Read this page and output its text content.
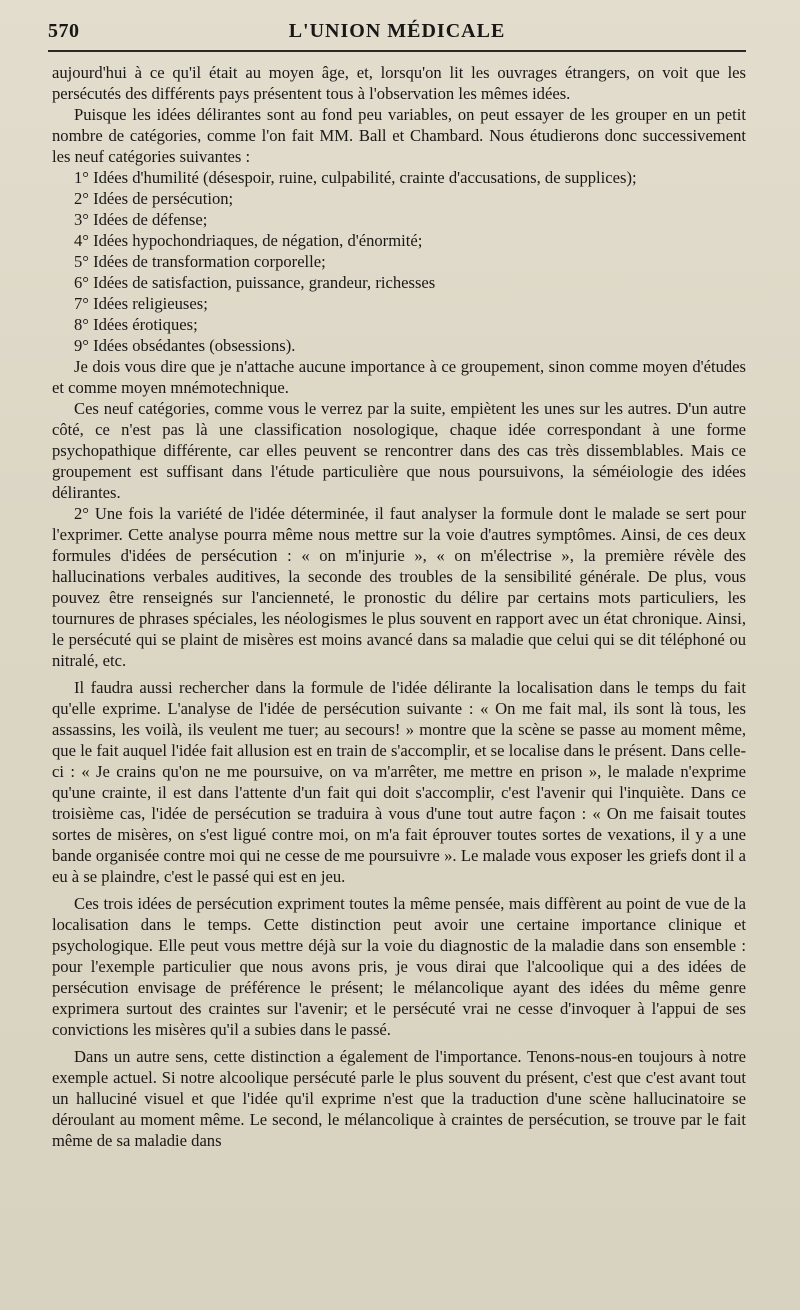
570	L'UNION MÉDICALE

aujourd'hui à ce qu'il était au moyen âge, et, lorsqu'on lit les ouvrages étrangers, on voit que les persécutés des différents pays présentent tous à l'observation les mêmes idées.

Puisque les idées délirantes sont au fond peu variables, on peut essayer de les grouper en un petit nombre de catégories, comme l'on fait MM. Ball et Chambard. Nous étudierons donc successivement les neuf catégories suivantes :

1° Idées d'humilité (désespoir, ruine, culpabilité, crainte d'accusations, de supplices);
2° Idées de persécution;
3° Idées de défense;
4° Idées hypochondriaques, de négation, d'énormité;
5° Idées de transformation corporelle;
6° Idées de satisfaction, puissance, grandeur, richesses
7° Idées religieuses;
8° Idées érotiques;
9° Idées obsédantes (obsessions).

Je dois vous dire que je n'attache aucune importance à ce groupement, sinon comme moyen d'études et comme moyen mnémotechnique.

Ces neuf catégories, comme vous le verrez par la suite, empiètent les unes sur les autres. D'un autre côté, ce n'est pas là une classification nosologique, chaque idée correspondant à une forme psychopathique différente, car elles peuvent se rencontrer dans des cas très dissemblables. Mais ce groupement est suffisant dans l'étude particulière que nous poursuivons, la séméiologie des idées délirantes.

2° Une fois la variété de l'idée déterminée, il faut analyser la formule dont le malade se sert pour l'exprimer. Cette analyse pourra même nous mettre sur la voie d'autres symptômes. Ainsi, de ces deux formules d'idées de persécution : « on m'injurie », « on m'électrise », la première révèle des hallucinations verbales auditives, la seconde des troubles de la sensibilité générale. De plus, vous pouvez être renseignés sur l'ancienneté, le pronostic du délire par certains mots particuliers, les tournures de phrases spéciales, les néologismes le plus souvent en rapport avec un état chronique. Ainsi, le persécuté qui se plaint de misères est moins avancé dans sa maladie que celui qui se dit téléphoné ou nitralé, etc.

Il faudra aussi rechercher dans la formule de l'idée délirante la localisation dans le temps du fait qu'elle exprime. L'analyse de l'idée de persécution suivante : « On me fait mal, ils sont là tous, les assassins, les voilà, ils veulent me tuer; au secours! » montre que la scène se passe au moment même, que le fait auquel l'idée fait allusion est en train de s'accomplir, et se localise dans le présent. Dans celle-ci : « Je crains qu'on ne me poursuive, on va m'arrêter, me mettre en prison », le malade n'exprime qu'une crainte, il est dans l'attente d'un fait qui doit s'accomplir, c'est l'avenir qui l'inquiète. Dans ce troisième cas, l'idée de persécution se traduira à vous d'une tout autre façon : « On me faisait toutes sortes de misères, on s'est ligué contre moi, on m'a fait éprouver toutes sortes de vexations, il y a une bande organisée contre moi qui ne cesse de me poursuivre ». Le malade vous exposer les griefs dont il a eu à se plaindre, c'est le passé qui est en jeu.

Ces trois idées de persécution expriment toutes la même pensée, mais diffèrent au point de vue de la localisation dans le temps. Cette distinction peut avoir une certaine importance clinique et psychologique. Elle peut vous mettre déjà sur la voie du diagnostic de la maladie dans son ensemble : pour l'exemple particulier que nous avons pris, je vous dirai que l'alcoolique qui a des idées de persécution envisage de préférence le présent; le mélancolique ayant des idées du même genre exprimera surtout des craintes sur l'avenir; et le persécuté vrai ne cesse d'invoquer à l'appui de ses convictions les misères qu'il a subies dans le passé.

Dans un autre sens, cette distinction a également de l'importance. Tenons-nous-en toujours à notre exemple actuel. Si notre alcoolique persécuté parle le plus souvent du présent, c'est que c'est avant tout un halluciné visuel et que l'idée qu'il exprime n'est que la traduction d'une scène hallucinatoire se déroulant au moment même. Le second, le mélancolique à craintes de persécution, se trouve par le fait même de sa maladie dans
